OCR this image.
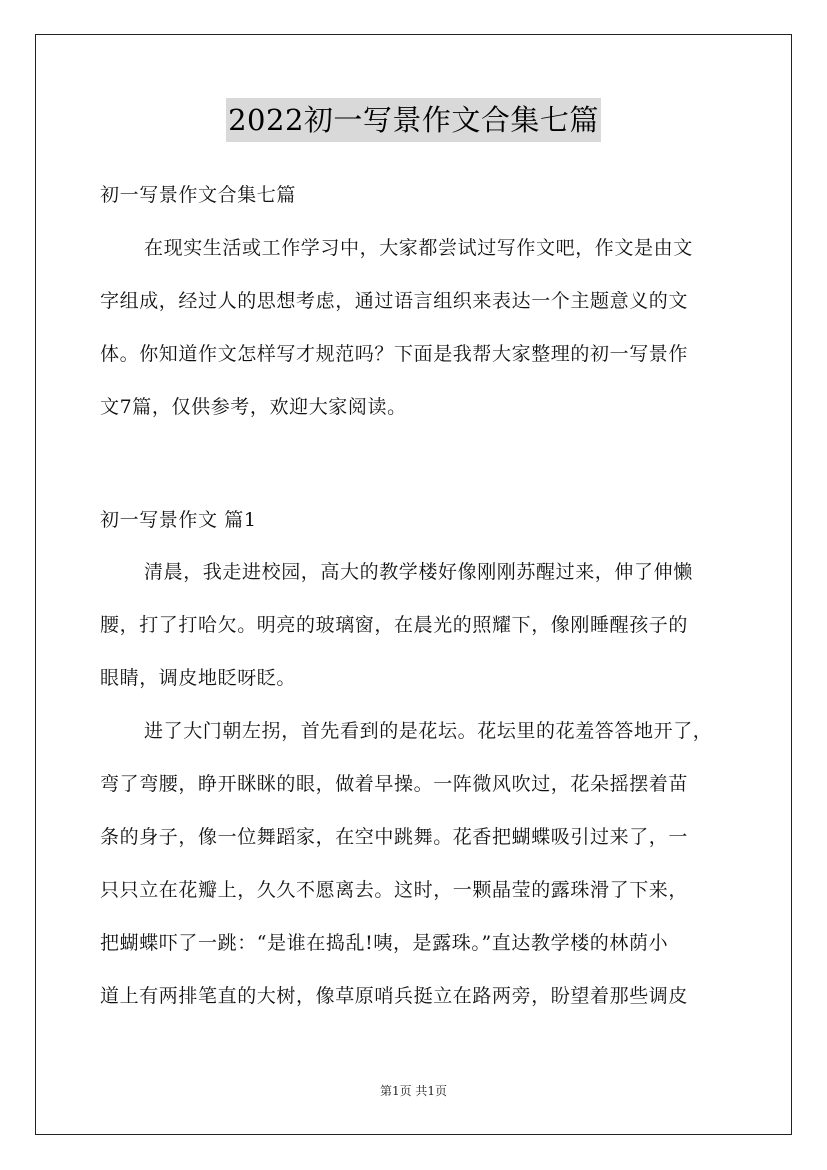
2022初一写景作文合集七篇
初一写景作文合集七篇
在现实生活或工作学习中，大家都尝试过写作文吧，作文是由文
字组成，经过人的思想考虑，通过语言组织来表达一个主题意义的文
体。你知道作文怎样写才规范吗？下面是我帮大家整理的初一写景作
文7篇，仅供参考，欢迎大家阅读。
初一写景作文 篇1
清晨，我走进校园，高大的教学楼好像刚刚苏醒过来，伸了伸懒
腰，打了打哈欠。明亮的玻璃窗，在晨光的照耀下，像刚睡醒孩子的
眼睛，调皮地眨呀眨。
进了大门朝左拐，首先看到的是花坛。花坛里的花羞答答地开了，
弯了弯腰，睁开眯眯的眼，做着早操。一阵微风吹过，花朵摇摆着苗
条的身子，像一位舞蹈家，在空中跳舞。花香把蝴蝶吸引过来了，一
只只立在花瓣上，久久不愿离去。这时，一颗晶莹的露珠滑了下来，
把蝴蝶吓了一跳：“是谁在捣乱!咦，是露珠。”直达教学楼的林荫小
道上有两排笔直的大树，像草原哨兵挺立在路两旁，盼望着那些调皮
第1页 共1页
